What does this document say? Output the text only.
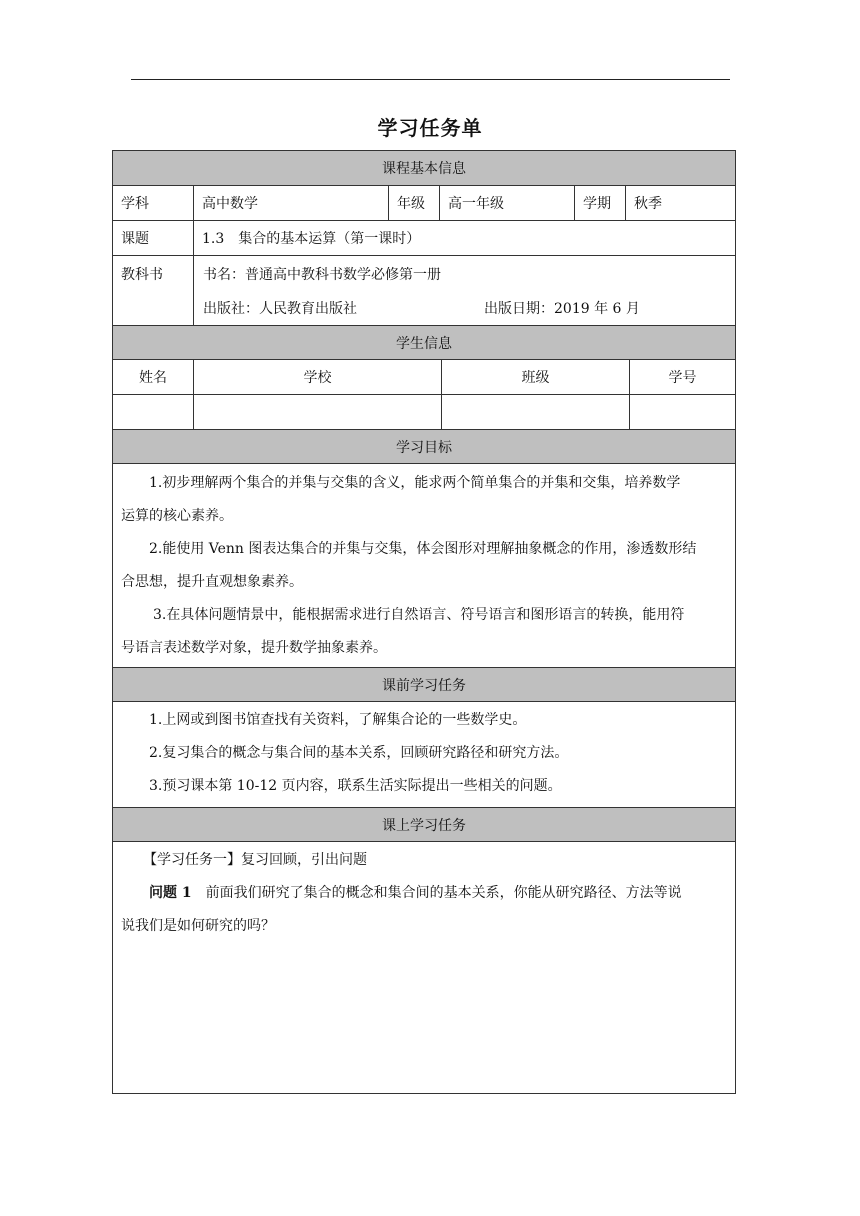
学习任务单
课程基本信息
学科	高中数学	年级	高一年级	学期	秋季
课题	1.3　集合的基本运算（第一课时）
教科书	书名：普通高中教科书数学必修第一册
出版社：人民教育出版社	出版日期：2019 年 6 月
学生信息
姓名	学校	班级	学号
学习目标
1.初步理解两个集合的并集与交集的含义，能求两个简单集合的并集和交集，培养数学
运算的核心素养。
2.能使用 Venn 图表达集合的并集与交集，体会图形对理解抽象概念的作用，渗透数形结
合思想，提升直观想象素养。
3.在具体问题情景中，能根据需求进行自然语言、符号语言和图形语言的转换，能用符
号语言表述数学对象，提升数学抽象素养。
课前学习任务
1.上网或到图书馆查找有关资料，了解集合论的一些数学史。
2.复习集合的概念与集合间的基本关系，回顾研究路径和研究方法。
3.预习课本第 10-12 页内容，联系生活实际提出一些相关的问题。
课上学习任务
【学习任务一】复习回顾，引出问题
问题 1　 前面我们研究了集合的概念和集合间的基本关系，你能从研究路径、方法等说
说我们是如何研究的吗？
